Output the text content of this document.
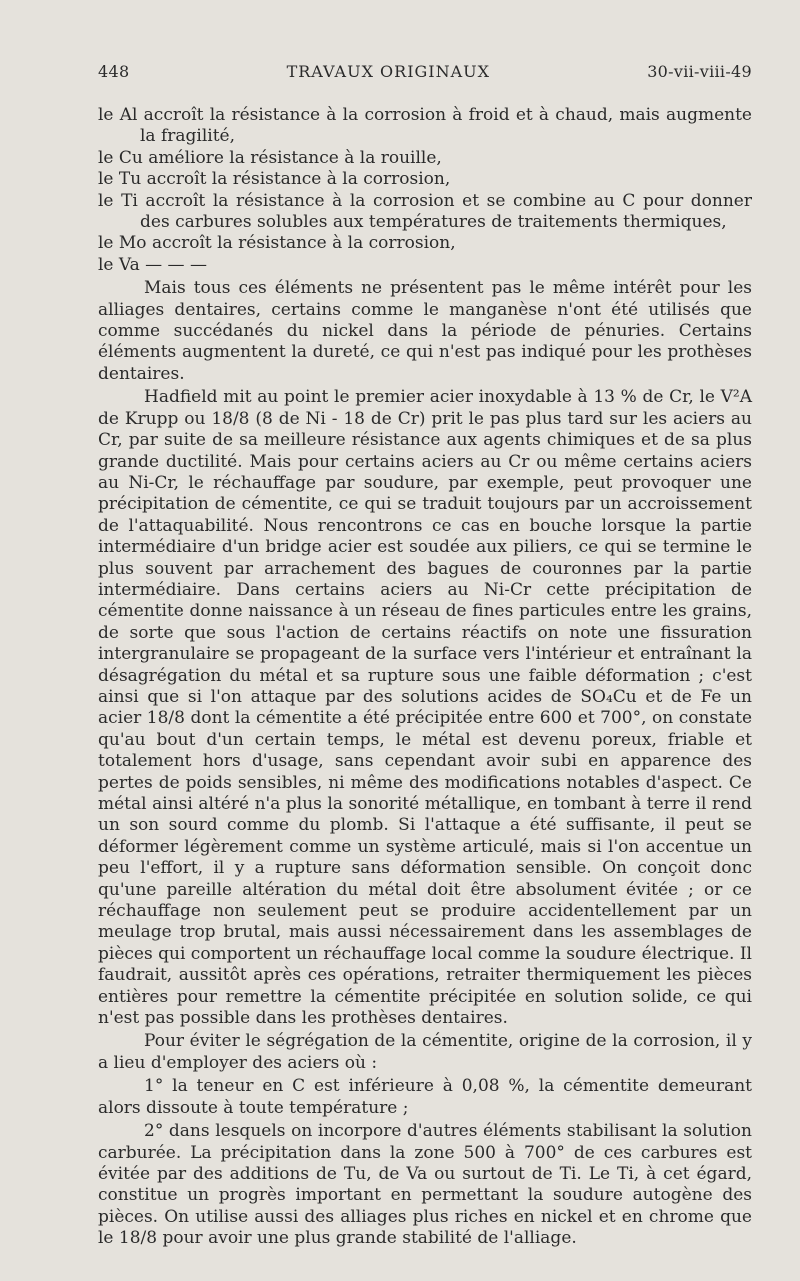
448	TRAVAUX ORIGINAUX	30-vii-viii-49

le Al accroît la résistance à la corrosion à froid et à chaud, mais augmente la fragilité,

le Cu améliore la résistance à la rouille,

le Tu accroît la résistance à la corrosion,

le Ti accroît la résistance à la corrosion et se combine au C pour donner des carbures solubles aux températures de traitements thermiques,

le Mo accroît la résistance à la corrosion,

le Va — — —

Mais tous ces éléments ne présentent pas le même intérêt pour les alliages dentaires, certains comme le manganèse n'ont été utilisés que comme succédanés du nickel dans la période de pénuries. Certains éléments augmentent la dureté, ce qui n'est pas indiqué pour les prothèses dentaires.

Hadfield mit au point le premier acier inoxydable à 13 % de Cr, le V²A de Krupp ou 18/8 (8 de Ni - 18 de Cr) prit le pas plus tard sur les aciers au Cr, par suite de sa meilleure résistance aux agents chimiques et de sa plus grande ductilité. Mais pour certains aciers au Cr ou même certains aciers au Ni-Cr, le réchauffage par soudure, par exemple, peut provoquer une précipitation de cémentite, ce qui se traduit toujours par un accroissement de l'attaquabilité. Nous rencontrons ce cas en bouche lorsque la partie intermédiaire d'un bridge acier est soudée aux piliers, ce qui se termine le plus souvent par arrachement des bagues de couronnes par la partie intermédiaire. Dans certains aciers au Ni-Cr cette précipitation de cémentite donne naissance à un réseau de fines particules entre les grains, de sorte que sous l'action de certains réactifs on note une fissuration intergranulaire se propageant de la surface vers l'intérieur et entraînant la désagrégation du métal et sa rupture sous une faible déformation ; c'est ainsi que si l'on attaque par des solutions acides de SO₄Cu et de Fe un acier 18/8 dont la cémentite a été précipitée entre 600 et 700°, on constate qu'au bout d'un certain temps, le métal est devenu poreux, friable et totalement hors d'usage, sans cependant avoir subi en apparence des pertes de poids sensibles, ni même des modifications notables d'aspect. Ce métal ainsi altéré n'a plus la sonorité métallique, en tombant à terre il rend un son sourd comme du plomb. Si l'attaque a été suffisante, il peut se déformer légèrement comme un système articulé, mais si l'on accentue un peu l'effort, il y a rupture sans déformation sensible. On conçoit donc qu'une pareille altération du métal doit être absolument évitée ; or ce réchauffage non seulement peut se produire accidentellement par un meulage trop brutal, mais aussi nécessairement dans les assemblages de pièces qui comportent un réchauffage local comme la soudure électrique. Il faudrait, aussitôt après ces opérations, retraiter thermiquement les pièces entières pour remettre la cémentite précipitée en solution solide, ce qui n'est pas possible dans les prothèses dentaires.

Pour éviter le ségrégation de la cémentite, origine de la corrosion, il y a lieu d'employer des aciers où :

1° la teneur en C est inférieure à 0,08 %, la cémentite demeurant alors dissoute à toute température ;

2° dans lesquels on incorpore d'autres éléments stabilisant la solution carburée. La précipitation dans la zone 500 à 700° de ces carbures est évitée par des additions de Tu, de Va ou surtout de Ti. Le Ti, à cet égard, constitue un progrès important en permettant la soudure autogène des pièces. On utilise aussi des alliages plus riches en nickel et en chrome que le 18/8 pour avoir une plus grande stabilité de l'alliage.
